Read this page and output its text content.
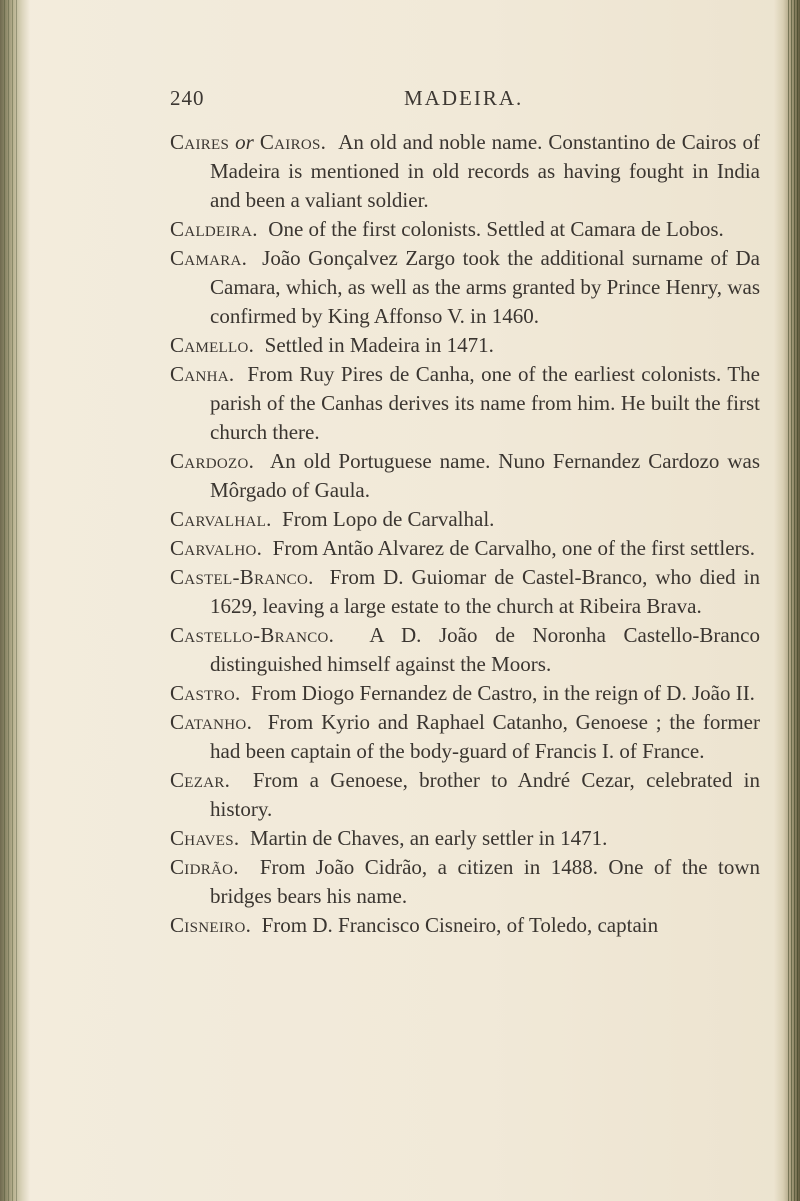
240	MADEIRA.

Caires or Cairos. An old and noble name. Constantino de Cairos of Madeira is mentioned in old records as having fought in India and been a valiant soldier.

Caldeira. One of the first colonists. Settled at Camara de Lobos.

Camara. João Gonçalvez Zargo took the additional surname of Da Camara, which, as well as the arms granted by Prince Henry, was confirmed by King Affonso V. in 1460.

Camello. Settled in Madeira in 1471.

Canha. From Ruy Pires de Canha, one of the earliest colonists. The parish of the Canhas derives its name from him. He built the first church there.

Cardozo. An old Portuguese name. Nuno Fernandez Cardozo was Môrgado of Gaula.

Carvalhal. From Lopo de Carvalhal.

Carvalho. From Antão Alvarez de Carvalho, one of the first settlers.

Castel-Branco. From D. Guiomar de Castel-Branco, who died in 1629, leaving a large estate to the church at Ribeira Brava.

Castello-Branco. A D. João de Noronha Castello-Branco distinguished himself against the Moors.

Castro. From Diogo Fernandez de Castro, in the reign of D. João II.

Catanho. From Kyrio and Raphael Catanho, Genoese ; the former had been captain of the body-guard of Francis I. of France.

Cezar. From a Genoese, brother to André Cezar, celebrated in history.

Chaves. Martin de Chaves, an early settler in 1471.

Cidrão. From João Cidrão, a citizen in 1488. One of the town bridges bears his name.

Cisneiro. From D. Francisco Cisneiro, of Toledo, captain
